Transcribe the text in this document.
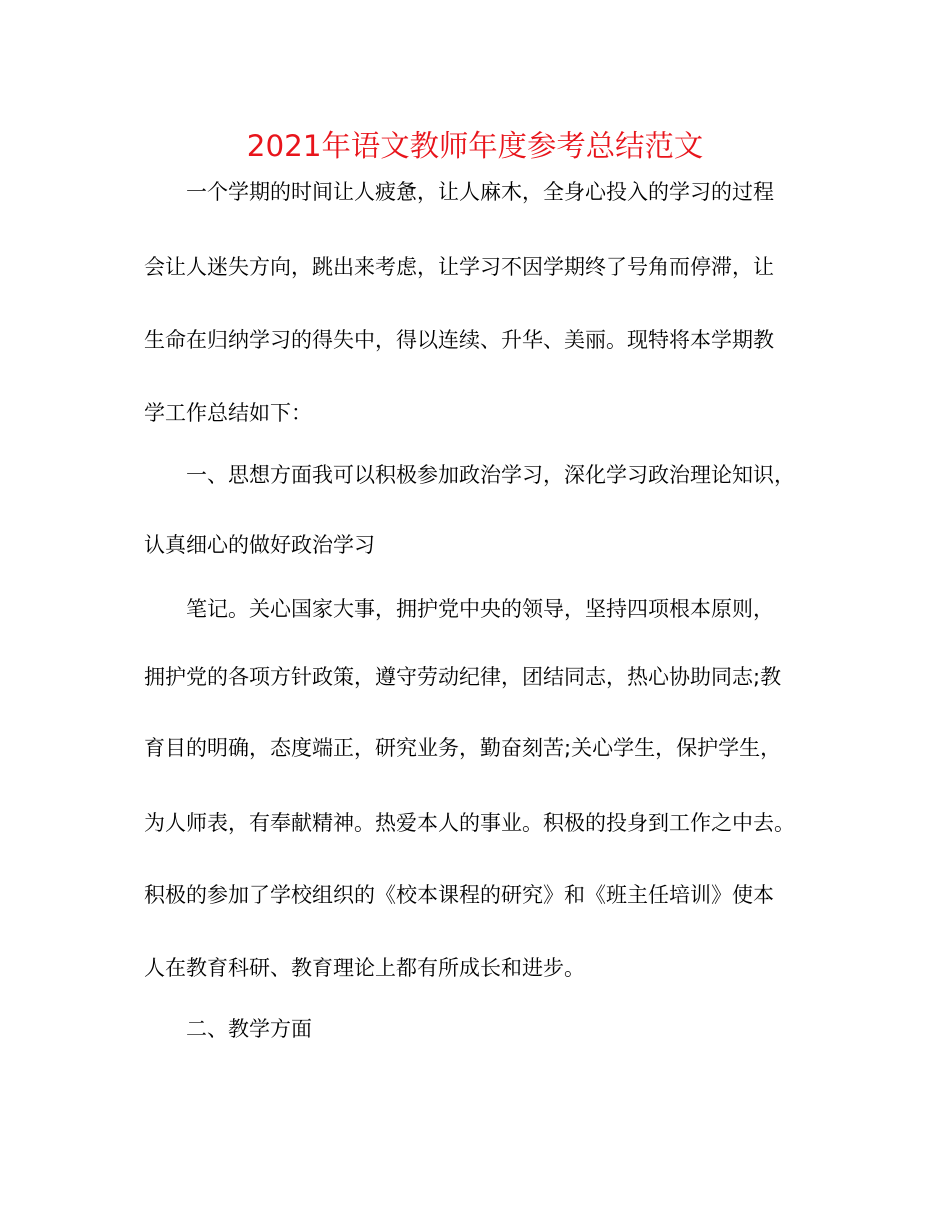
2021年语文教师年度参考总结范文
一个学期的时间让人疲惫，让人麻木，全身心投入的学习的过程
会让人迷失方向，跳出来考虑，让学习不因学期终了号角而停滞，让
生命在归纳学习的得失中，得以连续、升华、美丽。现特将本学期教
学工作总结如下：
一、思想方面我可以积极参加政治学习，深化学习政治理论知识，
认真细心的做好政治学习
笔记。关心国家大事，拥护党中央的领导，坚持四项根本原则，
拥护党的各项方针政策，遵守劳动纪律，团结同志，热心协助同志;教
育目的明确，态度端正，研究业务，勤奋刻苦;关心学生，保护学生，
为人师表，有奉献精神。热爱本人的事业。积极的投身到工作之中去。
积极的参加了学校组织的《校本课程的研究》和《班主任培训》使本
人在教育科研、教育理论上都有所成长和进步。
二、教学方面
